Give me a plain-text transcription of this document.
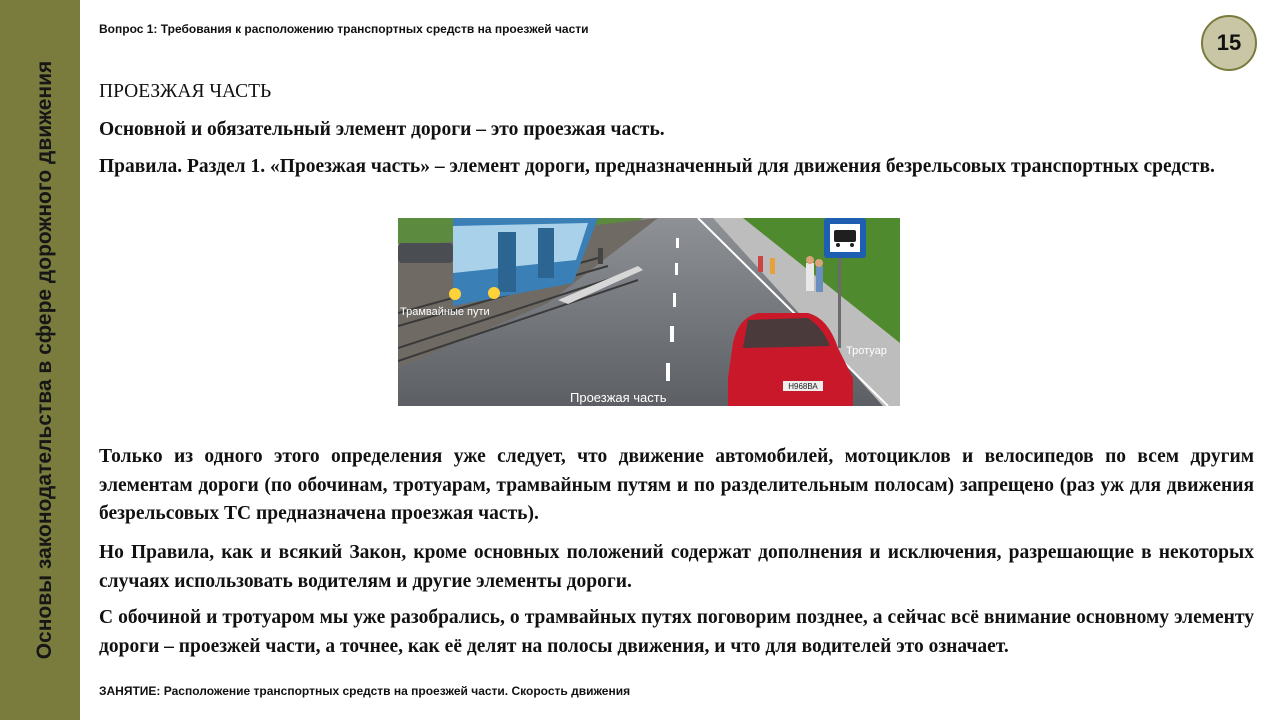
Основы законодательства в сфере дорожного движения
Вопрос 1: Требования к расположению транспортных средств на проезжей части
15
ПРОЕЗЖАЯ ЧАСТЬ
Основной и обязательный элемент дороги – это проезжая часть.
Правила. Раздел 1. «Проезжая часть» – элемент дороги, предназначенный для движения безрельсовых транспортных средств.
Н968ВА
Трамвайные пути
Тротуар
Проезжая часть
Только из одного этого определения уже следует, что движение автомобилей, мотоциклов и велосипедов по всем другим элементам дороги (по обочинам, тротуарам, трамвайным путям и по разделительным полосам) запрещено (раз уж для движения безрельсовых ТС предназначена проезжая часть).
Но Правила, как и всякий Закон, кроме основных положений содержат дополнения и исключения, разрешающие в некоторых случаях использовать водителям и другие элементы дороги.
С обочиной и тротуаром мы уже разобрались, о трамвайных путях поговорим позднее, а сейчас всё внимание основному элементу дороги – проезжей части, а точнее, как её делят на полосы движения, и что для водителей это означает.
ЗАНЯТИЕ: Расположение транспортных средств на проезжей части. Скорость движения
